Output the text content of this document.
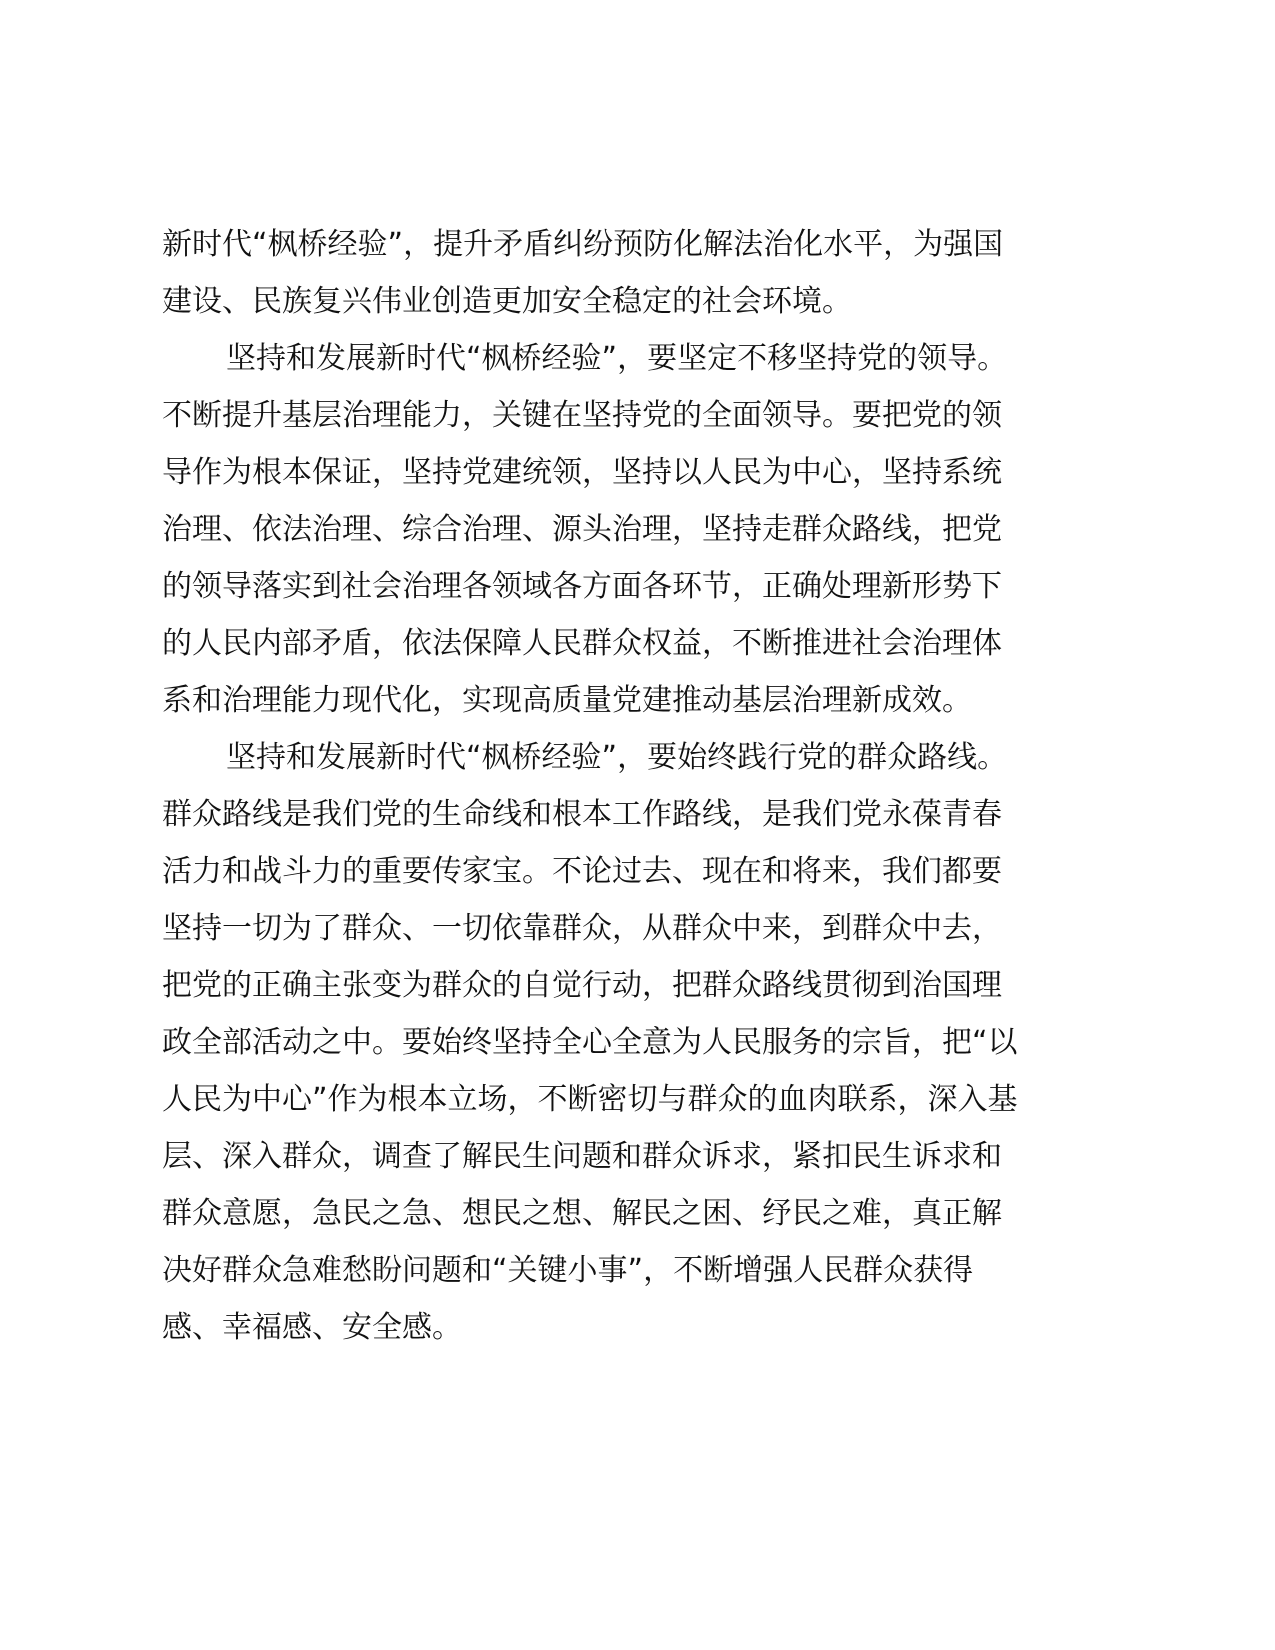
新时代“枫桥经验”，提升矛盾纠纷预防化解法治化水平，为强国
建设、民族复兴伟业创造更加安全稳定的社会环境。
坚持和发展新时代“枫桥经验”，要坚定不移坚持党的领导。
不断提升基层治理能力，关键在坚持党的全面领导。要把党的领
导作为根本保证，坚持党建统领，坚持以人民为中心，坚持系统
治理、依法治理、综合治理、源头治理，坚持走群众路线，把党
的领导落实到社会治理各领域各方面各环节，正确处理新形势下
的人民内部矛盾，依法保障人民群众权益，不断推进社会治理体
系和治理能力现代化，实现高质量党建推动基层治理新成效。
坚持和发展新时代“枫桥经验”，要始终践行党的群众路线。
群众路线是我们党的生命线和根本工作路线，是我们党永葆青春
活力和战斗力的重要传家宝。不论过去、现在和将来，我们都要
坚持一切为了群众、一切依靠群众，从群众中来，到群众中去，
把党的正确主张变为群众的自觉行动，把群众路线贯彻到治国理
政全部活动之中。要始终坚持全心全意为人民服务的宗旨，把“以
人民为中心”作为根本立场，不断密切与群众的血肉联系，深入基
层、深入群众，调查了解民生问题和群众诉求，紧扣民生诉求和
群众意愿，急民之急、想民之想、解民之困、纾民之难，真正解
决好群众急难愁盼问题和“关键小事”，不断增强人民群众获得
感、幸福感、安全感。
